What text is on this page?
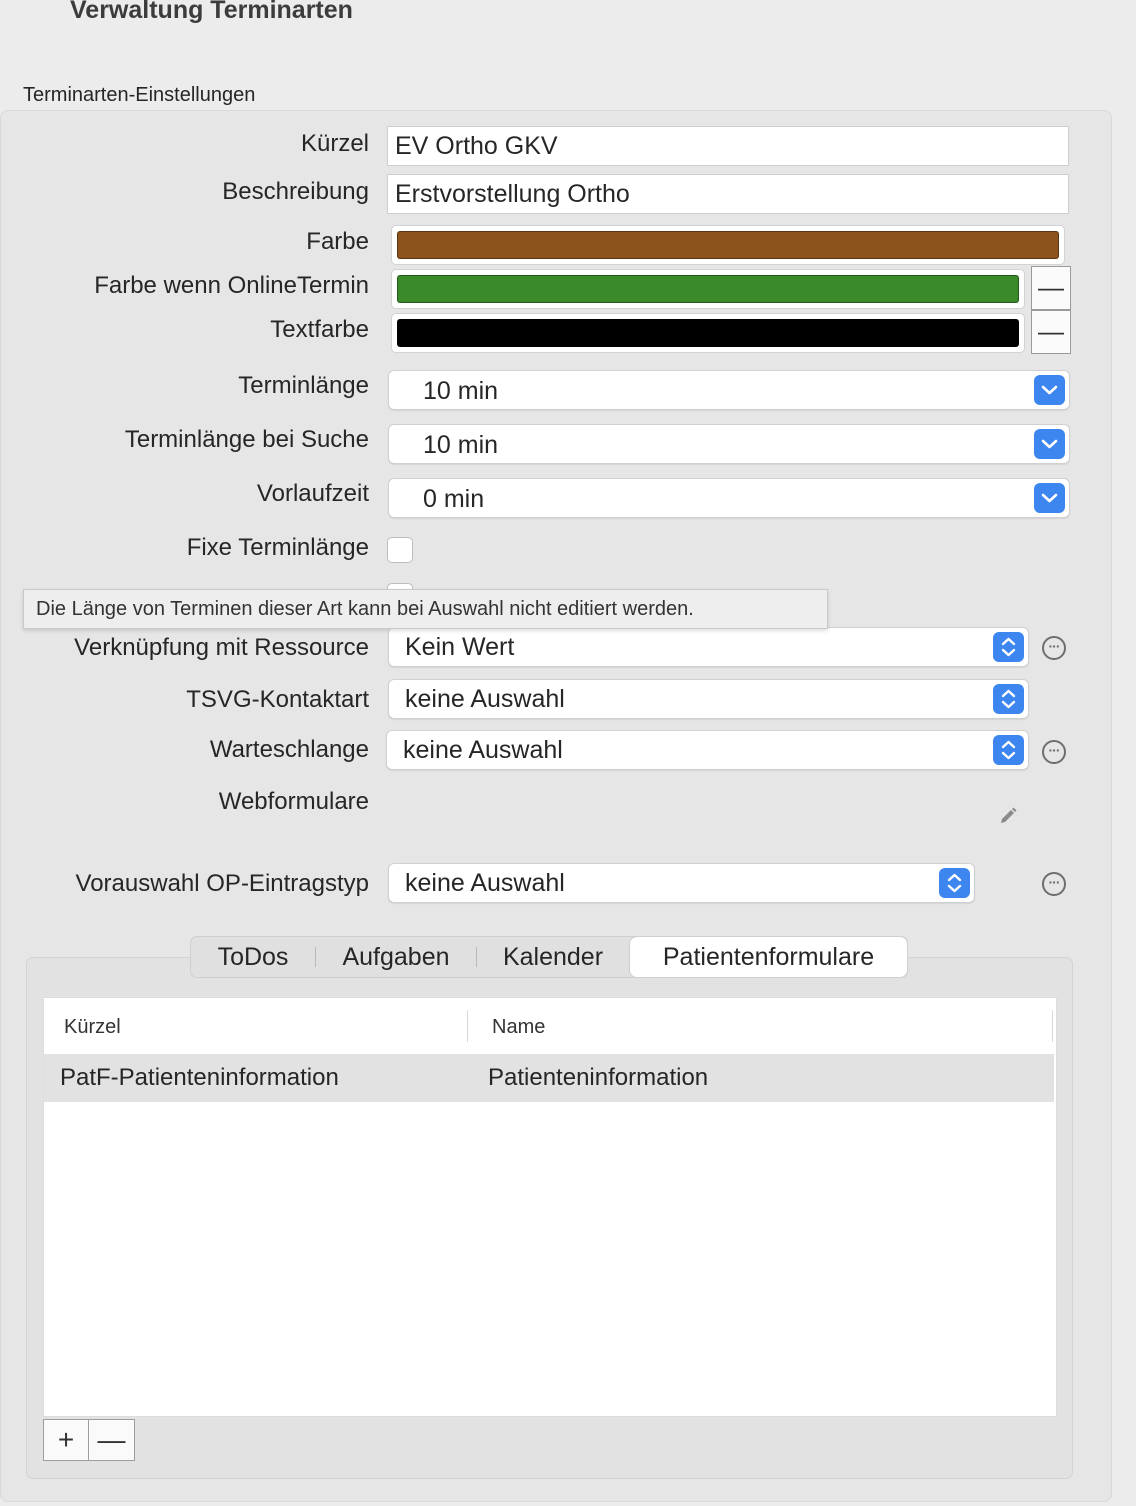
Verwaltung Terminarten
Terminarten-Einstellungen
Kürzel	EV Ortho GKV
Beschreibung	Erstvorstellung Ortho
Farbe
Farbe wenn OnlineTermin	—
Textfarbe	—
Terminlänge 10 min
Terminlänge bei Suche 10 min
Vorlaufzeit 0 min
Fixe Terminlänge
Die Länge von Terminen dieser Art kann bei Auswahl nicht editiert werden.
Verknüpfung mit Ressource Kein Wert	···
TSVG-Kontaktart keine Auswahl
Warteschlange keine Auswahl	···
Webformulare
Vorauswahl OP-Eintragstyp keine Auswahl	···
ToDos	Aufgaben	Kalender	Patientenformulare
Kürzel	Name
PatF-Patienteninformation	Patienteninformation
+ —
